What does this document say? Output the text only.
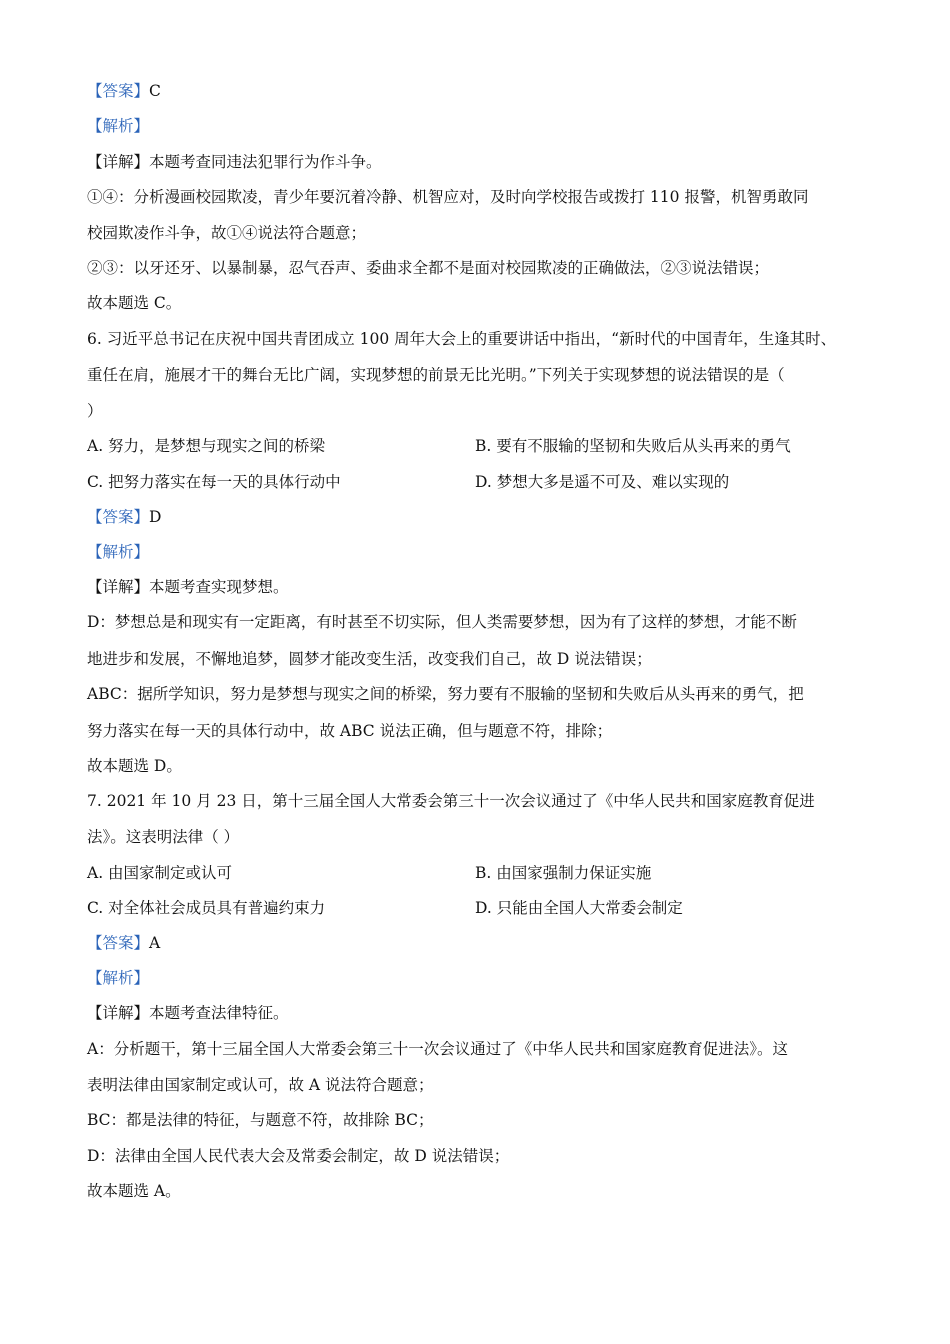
【答案】C
【解析】
【详解】本题考查同违法犯罪行为作斗争。
①④：分析漫画校园欺凌，青少年要沉着冷静、机智应对，及时向学校报告或拨打 110 报警，机智勇敢同
校园欺凌作斗争，故①④说法符合题意；
②③：以牙还牙、以暴制暴，忍气吞声、委曲求全都不是面对校园欺凌的正确做法，②③说法错误；
故本题选 C。
6. 习近平总书记在庆祝中国共青团成立 100 周年大会上的重要讲话中指出，“新时代的中国青年，生逢其时、
重任在肩，施展才干的舞台无比广阔，实现梦想的前景无比光明。”下列关于实现梦想的说法错误的是（
）
A. 努力，是梦想与现实之间的桥梁	B. 要有不服输的坚韧和失败后从头再来的勇气
C. 把努力落实在每一天的具体行动中	D. 梦想大多是遥不可及、难以实现的
【答案】D
【解析】
【详解】本题考查实现梦想。
D：梦想总是和现实有一定距离，有时甚至不切实际，但人类需要梦想，因为有了这样的梦想，才能不断
地进步和发展，不懈地追梦，圆梦才能改变生活，改变我们自己，故 D 说法错误；
ABC：据所学知识，努力是梦想与现实之间的桥梁，努力要有不服输的坚韧和失败后从头再来的勇气，把
努力落实在每一天的具体行动中，故 ABC 说法正确，但与题意不符，排除；
故本题选 D。
7. 2021 年 10 月 23 日，第十三届全国人大常委会第三十一次会议通过了《中华人民共和国家庭教育促进
法》。这表明法律（ ）
A. 由国家制定或认可	B. 由国家强制力保证实施
C. 对全体社会成员具有普遍约束力	D. 只能由全国人大常委会制定
【答案】A
【解析】
【详解】本题考查法律特征。
A：分析题干，第十三届全国人大常委会第三十一次会议通过了《中华人民共和国家庭教育促进法》。这
表明法律由国家制定或认可，故 A 说法符合题意；
BC：都是法律的特征，与题意不符，故排除 BC；
D：法律由全国人民代表大会及常委会制定，故 D 说法错误；
故本题选 A。
